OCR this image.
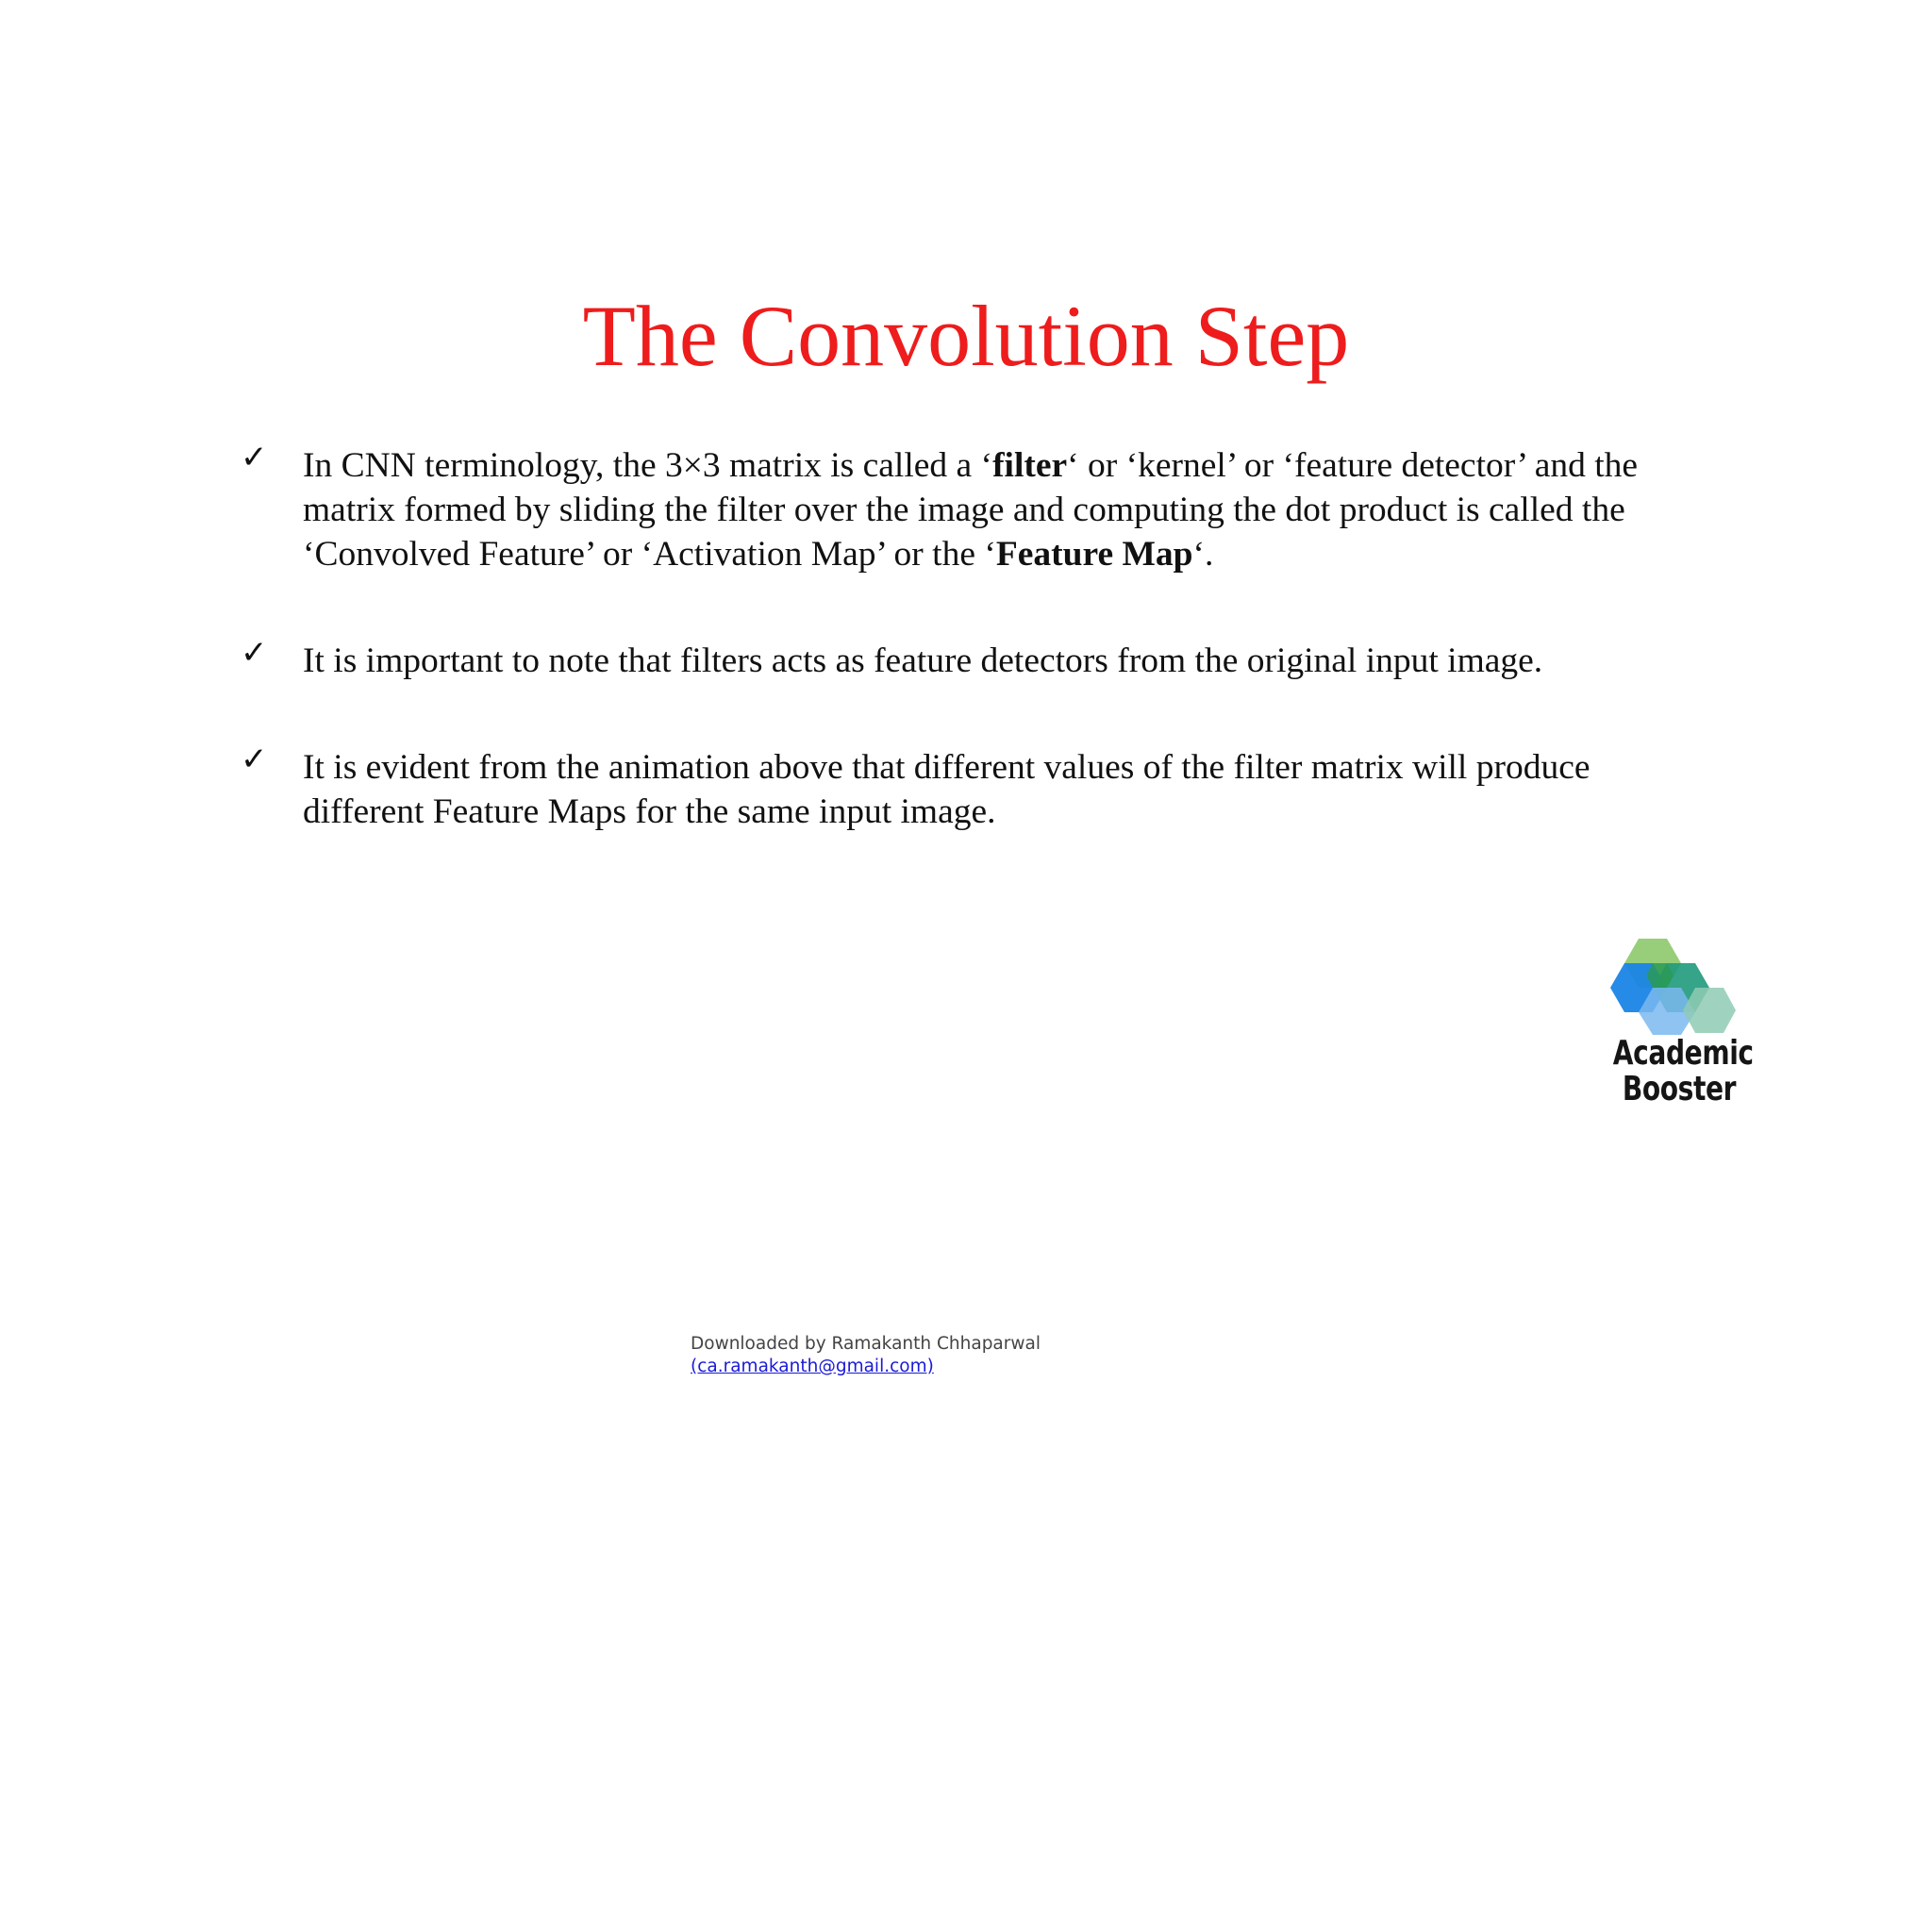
The Convolution Step
✓ In CNN terminology, the 3×3 matrix is called a ‘filter‘ or ‘kernel’ or ‘feature detector’ and the matrix formed by sliding the filter over the image and computing the dot product is called the ‘Convolved Feature’ or ‘Activation Map’ or the ‘Feature Map‘.
✓ It is important to note that filters acts as feature detectors from the original input image.
✓ It is evident from the animation above that different values of the filter matrix will produce different Feature Maps for the same input image.
Academic
Booster
Downloaded by Ramakanth Chhaparwal
(ca.ramakanth@gmail.com)
